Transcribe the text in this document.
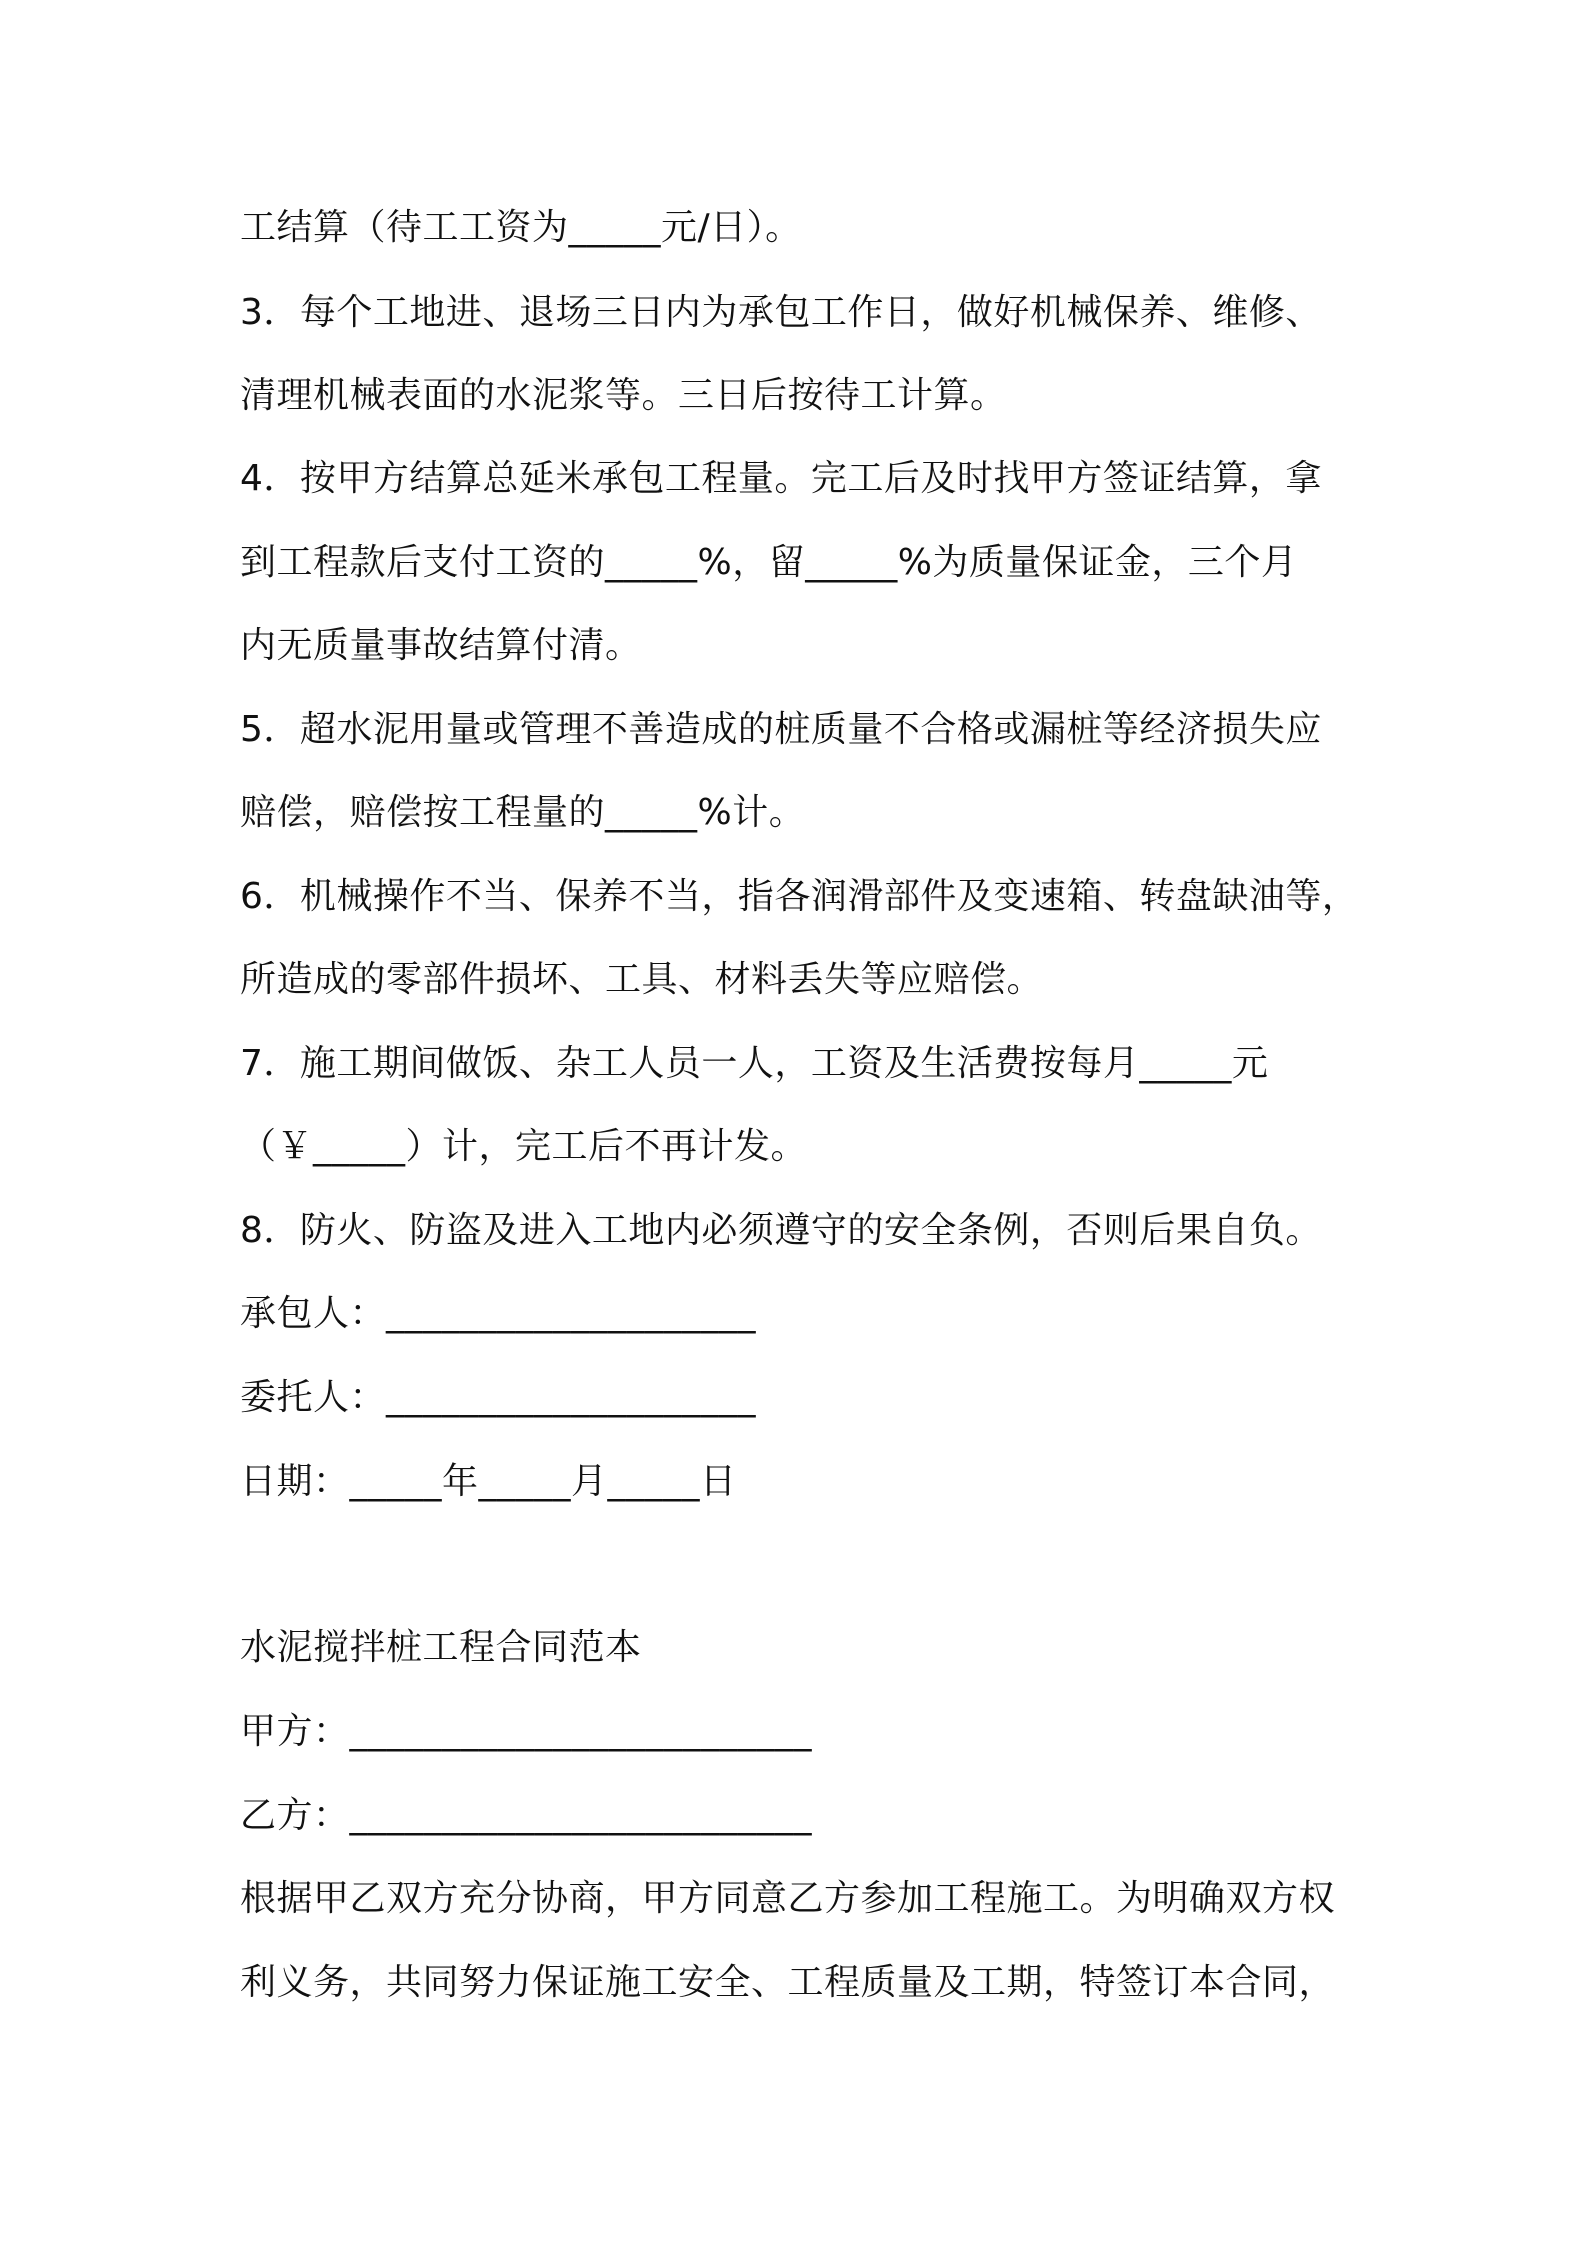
工结算（待工工资为_____元/日）。
3．每个工地进、退场三日内为承包工作日，做好机械保养、维修、
清理机械表面的水泥浆等。三日后按待工计算。
4．按甲方结算总延米承包工程量。完工后及时找甲方签证结算，拿
到工程款后支付工资的_____%，留_____%为质量保证金，三个月
内无质量事故结算付清。
5．超水泥用量或管理不善造成的桩质量不合格或漏桩等经济损失应
赔偿，赔偿按工程量的_____%计。
6．机械操作不当、保养不当，指各润滑部件及变速箱、转盘缺油等，
所造成的零部件损坏、工具、材料丢失等应赔偿。
7．施工期间做饭、杂工人员一人，工资及生活费按每月_____元
（￥_____）计，完工后不再计发。
8．防火、防盗及进入工地内必须遵守的安全条例，否则后果自负。
承包人：____________________
委托人：____________________
日期：_____年_____月_____日
水泥搅拌桩工程合同范本
甲方：_________________________
乙方：_________________________
根据甲乙双方充分协商，甲方同意乙方参加工程施工。为明确双方权
利义务，共同努力保证施工安全、工程质量及工期，特签订本合同，
